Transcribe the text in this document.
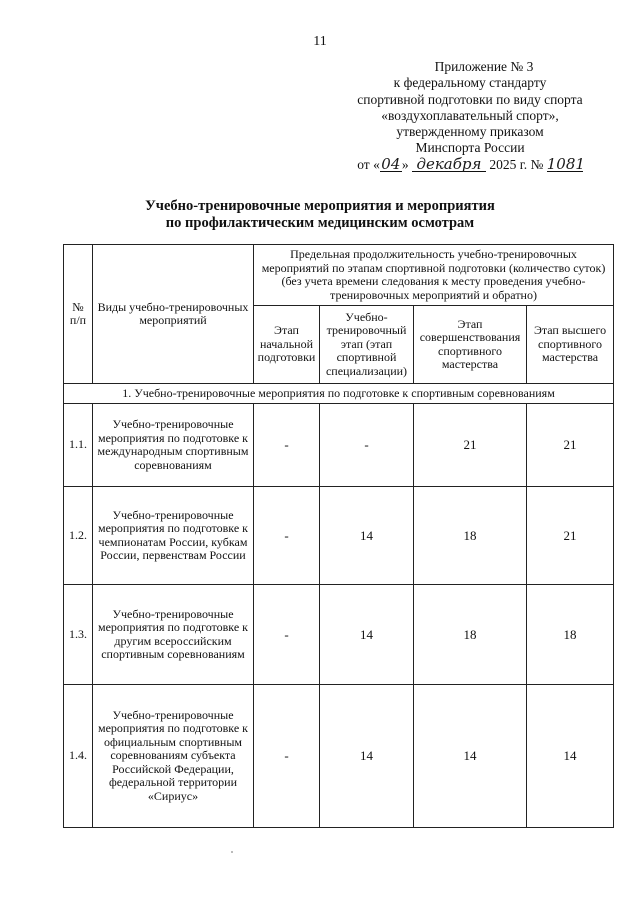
11
Приложение № 3
к федеральному стандарту
спортивной подготовки по виду спорта
«воздухоплавательный спорт»,
утвержденному приказом
Минспорта России
от «04» декабря 2025 г. № 1081
Учебно-тренировочные мероприятия и мероприятия
по профилактическим медицинским осмотрам
№ п/п	Виды учебно-тренировочных мероприятий	Предельная продолжительность учебно-тренировочных мероприятий по этапам спортивной подготовки (количество суток) (без учета времени следования к месту проведения учебно-тренировочных мероприятий и обратно)			
		Этап начальной подготовки	Учебно-тренировочный этап (этап спортивной специализации)	Этап совершенствования спортивного мастерства	Этап высшего спортивного мастерства
1. Учебно-тренировочные мероприятия по подготовке к спортивным соревнованиям					
1.1.	Учебно-тренировочные мероприятия по подготовке к международным спортивным соревнованиям	-	-	21	21
1.2.	Учебно-тренировочные мероприятия по подготовке к чемпионатам России, кубкам России, первенствам России	-	14	18	21
1.3.	Учебно-тренировочные мероприятия по подготовке к другим всероссийским спортивным соревнованиям	-	14	18	18
1.4.	Учебно-тренировочные мероприятия по подготовке к официальным спортивным соревнованиям субъекта Российской Федерации, федеральной территории «Сириус»	-	14	14	14
